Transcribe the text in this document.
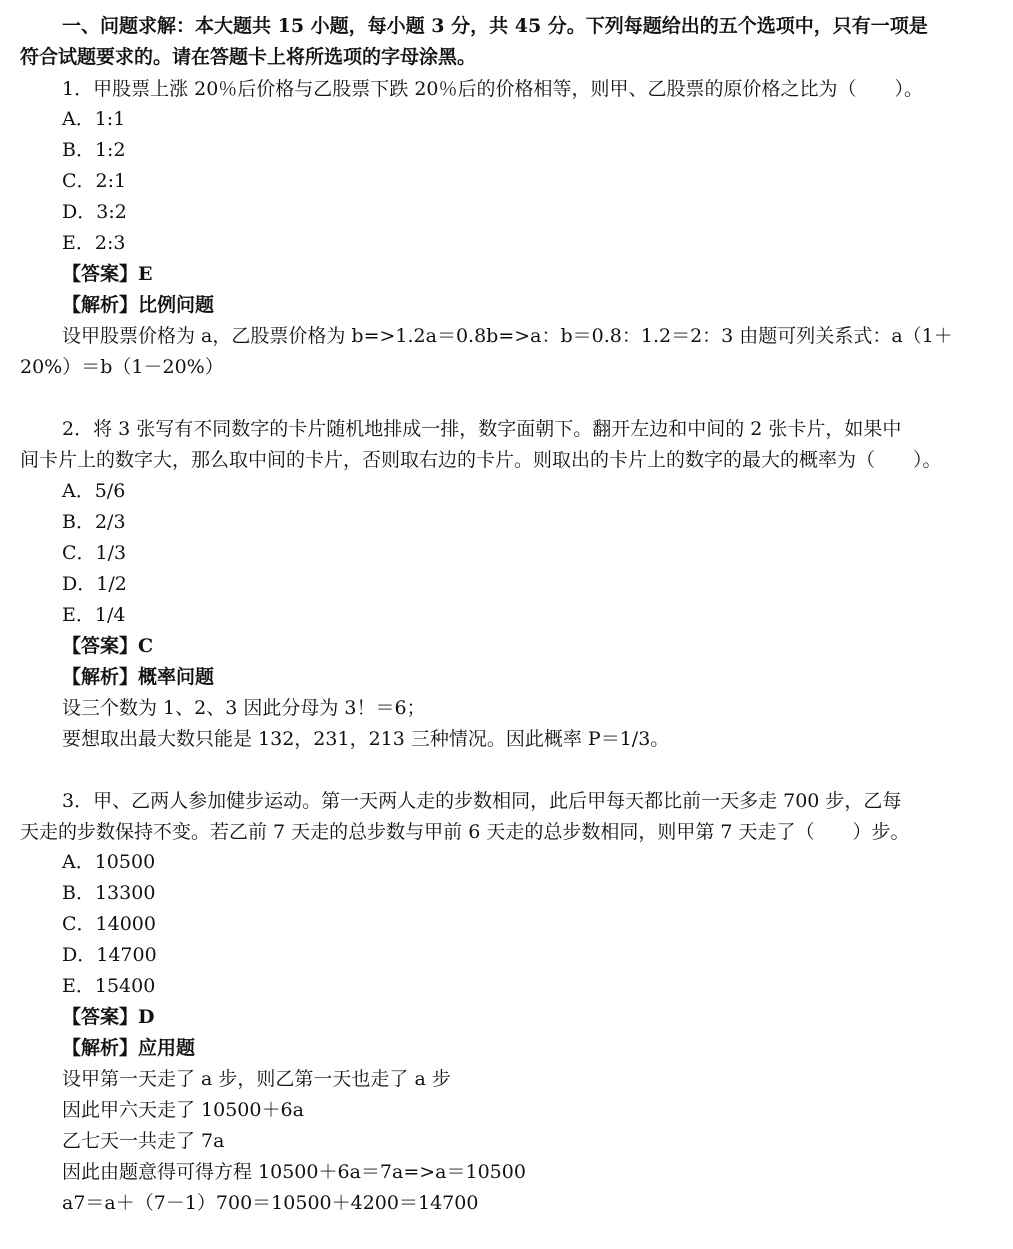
一、问题求解：本大题共 15 小题，每小题 3 分，共 45 分。下列每题给出的五个选项中，只有一项是
符合试题要求的。请在答题卡上将所选项的字母涂黑。
1．甲股票上涨 20％后价格与乙股票下跌 20％后的价格相等，则甲、乙股票的原价格之比为（　　）。
A．1:1
B．1:2
C．2:1
D．3:2
E．2:3
【答案】E
【解析】比例问题
设甲股票价格为 a，乙股票价格为 b=>1.2a＝0.8b=>a：b＝0.8：1.2＝2：3 由题可列关系式：a（1＋
20%）＝b（1－20%）
2．将 3 张写有不同数字的卡片随机地排成一排，数字面朝下。翻开左边和中间的 2 张卡片，如果中
间卡片上的数字大，那么取中间的卡片，否则取右边的卡片。则取出的卡片上的数字的最大的概率为（　　）。
A．5/6
B．2/3
C．1/3
D．1/2
E．1/4
【答案】C
【解析】概率问题
设三个数为 1、2、3 因此分母为 3！＝6；
要想取出最大数只能是 132，231，213 三种情况。因此概率 P＝1/3。
3．甲、乙两人参加健步运动。第一天两人走的步数相同，此后甲每天都比前一天多走 700 步，乙每
天走的步数保持不变。若乙前 7 天走的总步数与甲前 6 天走的总步数相同，则甲第 7 天走了（　　）步。
A．10500
B．13300
C．14000
D．14700
E．15400
【答案】D
【解析】应用题
设甲第一天走了 a 步，则乙第一天也走了 a 步
因此甲六天走了 10500＋6a
乙七天一共走了 7a
因此由题意得可得方程 10500＋6a＝7a=>a＝10500
a7＝a＋（7－1）700＝10500＋4200＝14700
